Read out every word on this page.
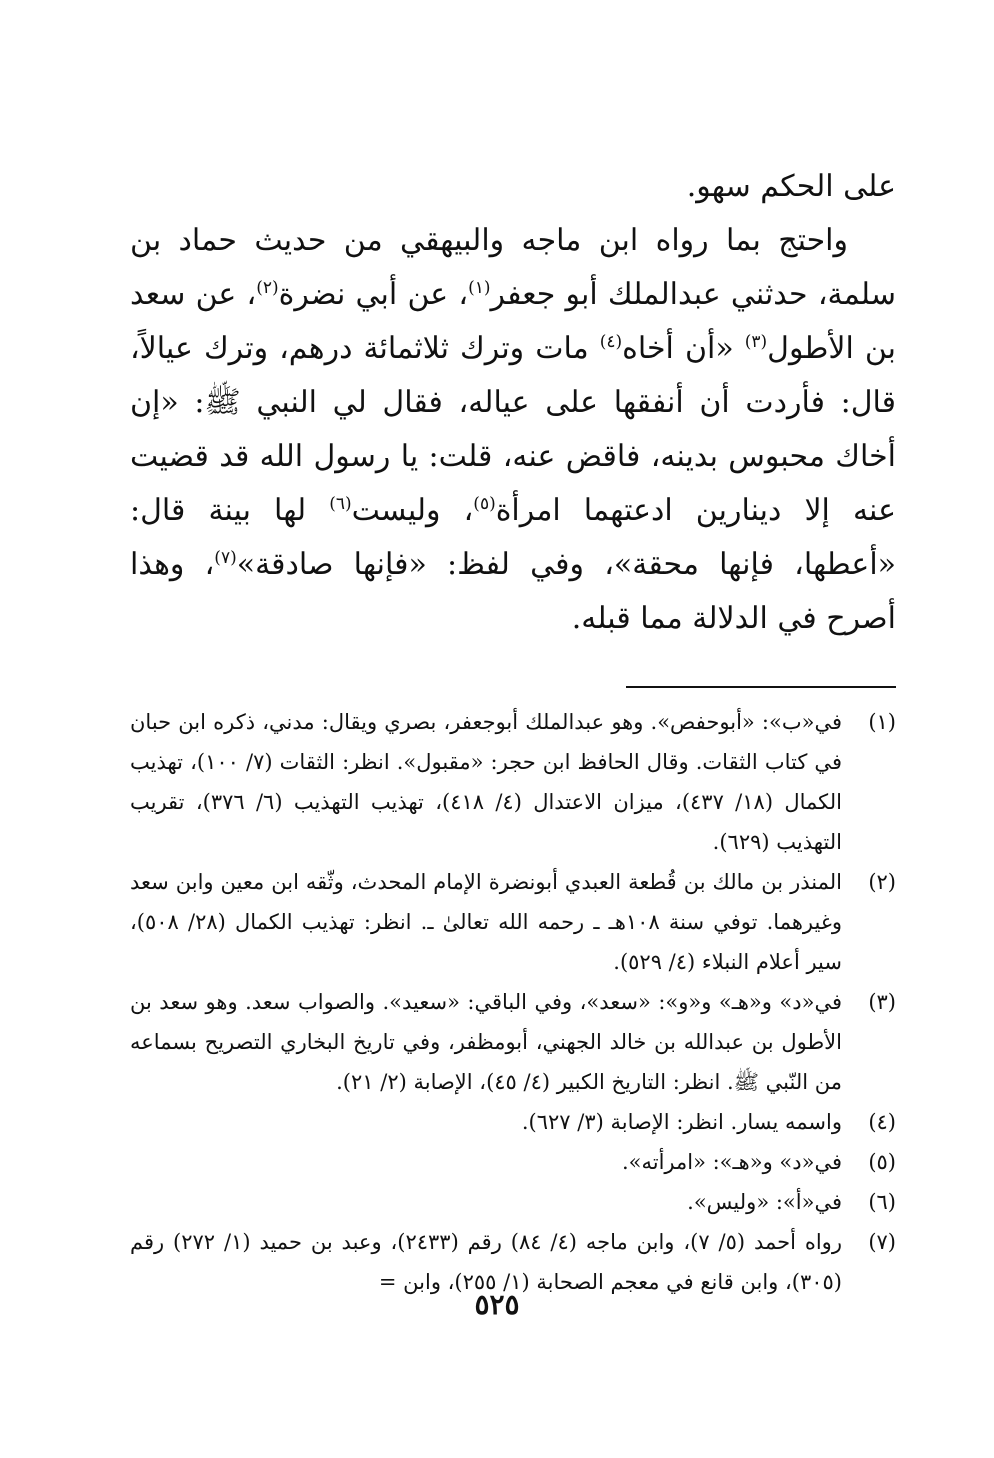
على الحكم سهو.

واحتج بما رواه ابن ماجه والبيهقي من حديث حماد بن سلمة، حدثني عبدالملك أبو جعفر$^{(١)}$، عن أبي نضرة$^{(٢)}$، عن سعد بن الأطول$^{(٣)}$ «أن أخاه$^{(٤)}$ مات وترك ثلاثمائة درهم، وترك عيالاً، قال: فأردت أن أنفقها على عياله، فقال لي النبي ﷺ: «إن أخاك محبوس بدينه، فاقض عنه، قلت: يا رسول الله قد قضيت عنه إلا دينارين ادعتهما امرأة$^{(٥)}$، وليست$^{(٦)}$ لها بينة قال: «أعطها، فإنها محقة»، وفي لفظ: «فإنها صادقة»$^{(٧)}$، وهذا أصرح في الدلالة مما قبله.

(١)
في«ب»: «أبوحفص». وهو عبدالملك أبوجعفر، بصري ويقال: مدني، ذكره ابن حبان في كتاب الثقات. وقال الحافظ ابن حجر: «مقبول». انظر: الثقات (٧/ ١٠٠)، تهذيب الكمال (١٨/ ٤٣٧)، ميزان الاعتدال (٤/ ٤١٨)، تهذيب التهذيب (٦/ ٣٧٦)، تقريب التهذيب (٦٢٩).
(٢)
المنذر بن مالك بن قُطعة العبدي أبونضرة الإمام المحدث، وثّقه ابن معين وابن سعد وغيرهما. توفي سنة ١٠٨هـ ـ رحمه الله تعالىٰ ـ. انظر: تهذيب الكمال (٢٨/ ٥٠٨)، سير أعلام النبلاء (٤/ ٥٢٩).
(٣)
في«د» و«هـ» و«و»: «سعد»، وفي الباقي: «سعيد». والصواب سعد. وهو سعد بن الأطول بن عبدالله بن خالد الجهني، أبومظفر، وفي تاريخ البخاري التصريح بسماعه من النّبي ﷺ. انظر: التاريخ الكبير (٤/ ٤٥)، الإصابة (٢/ ٢١).
(٤)
واسمه يسار. انظر: الإصابة (٣/ ٦٢٧).
(٥)
في«د» و«هـ»: «امرأته».
(٦)
في«أ»: «وليس».
(٧)
رواه أحمد (٥/ ٧)، وابن ماجه (٤/ ٨٤) رقم (٢٤٣٣)، وعبد بن حميد (١/ ٢٧٢) رقم (٣٠٥)، وابن قانع في معجم الصحابة (١/ ٢٥٥)، وابن =
٥٢٥
